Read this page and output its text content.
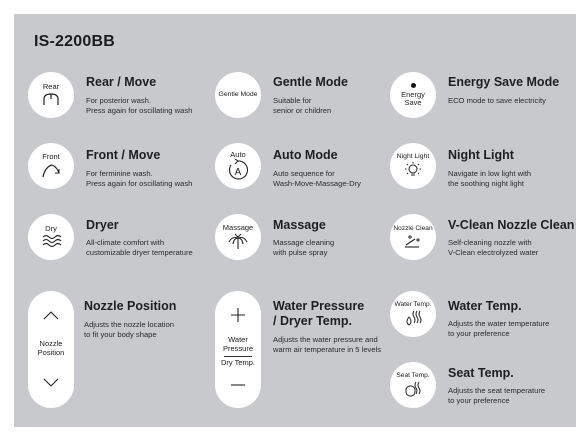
IS-2200BB
Rear Rear / Move
For posterior wash.
Press again for oscillating wash
Front Front / Move
For ferminine wash.
Press again for oscillating wash
Dry Dryer
All-climate comfort with
customizable dryer temperature
Nozzle
Position
Nozzle Position
Adjusts the nozzle location
to fit your body shape
Gentle Mode
Gentle Mode
Suitable for
senior or children
Auto
A
Auto Mode
Auto sequence for
Wash-Move-Massage-Dry
Massage Massage
Massage cleaning
with pulse spray
Water
Pressure
Dry Temp.
Water Pressure
/ Dryer Temp.
Adjusts the water pressure and
warm air temperature in 5 levels
Energy
Save
Energy Save Mode
ECO mode to save electricity
Night Light Night Light
Navigate in low light with
the soothing night light
Nozzle Clean V-Clean Nozzle Clean
Self-cleaning nozzle with
V-Clean electrolyzed water
Water Temp. Water Temp.
Adjusts the water temperature
to your preference
Seat Temp. Seat Temp.
Adjusts the seat temperature
to your preference
